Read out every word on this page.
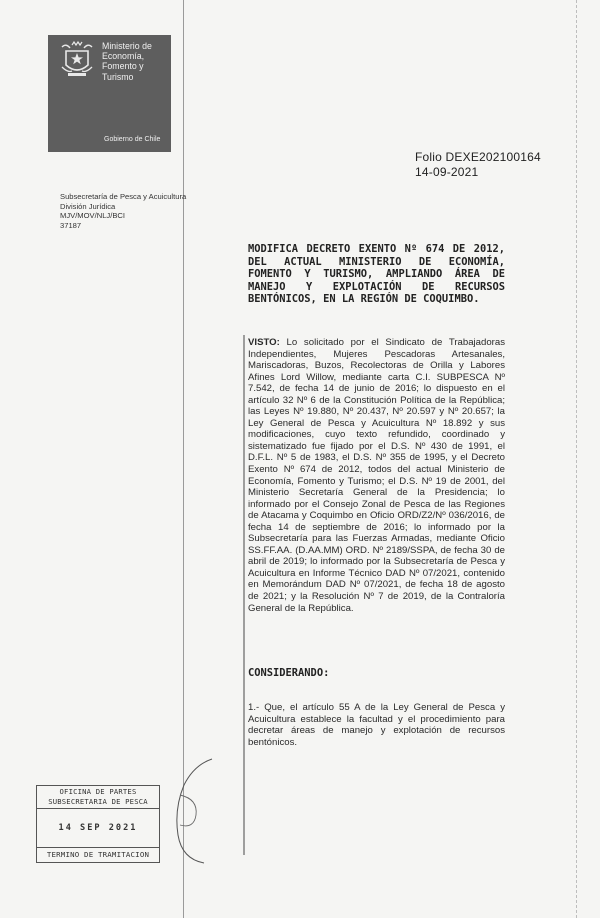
Ministerio de
Economía,
Fomento y
Turismo
Gobierno de Chile
Folio DEXE202100164
14-09-2021
Subsecretaría de Pesca y Acuicultura
División Jurídica
MJV/MOV/NLJ/BCI
37187
MODIFICA DECRETO EXENTO Nº 674 DE 2012, DEL ACTUAL MINISTERIO DE ECONOMÍA, FOMENTO Y TURISMO, AMPLIANDO ÁREA DE MANEJO Y EXPLOTACIÓN DE RECURSOS BENTÓNICOS, EN LA REGIÓN DE COQUIMBO.
VISTO: Lo solicitado por el Sindicato de Trabajadoras Independientes, Mujeres Pescadoras Artesanales, Mariscadoras, Buzos, Recolectoras de Orilla y Labores Afines Lord Willow, mediante carta C.I. SUBPESCA Nº 7.542, de fecha 14 de junio de 2016; lo dispuesto en el artículo 32 Nº 6 de la Constitución Política de la República; las Leyes Nº 19.880, Nº 20.437, Nº 20.597 y Nº 20.657; la Ley General de Pesca y Acuicultura Nº 18.892 y sus modificaciones, cuyo texto refundido, coordinado y sistematizado fue fijado por el D.S. Nº 430 de 1991, el D.F.L. Nº 5 de 1983, el D.S. Nº 355 de 1995, y el Decreto Exento Nº 674 de 2012, todos del actual Ministerio de Economía, Fomento y Turismo; el D.S. Nº 19 de 2001, del Ministerio Secretaría General de la Presidencia; lo informado por el Consejo Zonal de Pesca de las Regiones de Atacama y Coquimbo en Oficio ORD/Z2/Nº 036/2016, de fecha 14 de septiembre de 2016; lo informado por la Subsecretaría para las Fuerzas Armadas, mediante Oficio SS.FF.AA. (D.AA.MM) ORD. Nº 2189/SSPA, de fecha 30 de abril de 2019; lo informado por la Subsecretaría de Pesca y Acuicultura en Informe Técnico DAD Nº 07/2021, contenido en Memorándum DAD Nº 07/2021, de fecha 18 de agosto de 2021; y la Resolución Nº 7 de 2019, de la Contraloría General de la República.
CONSIDERANDO:
1.- Que, el artículo 55 A de la Ley General de Pesca y Acuicultura establece la facultad y el procedimiento para decretar áreas de manejo y explotación de recursos bentónicos.
OFICINA DE PARTES
SUBSECRETARIA DE PESCA
14 SEP 2021
TERMINO DE TRAMITACION
